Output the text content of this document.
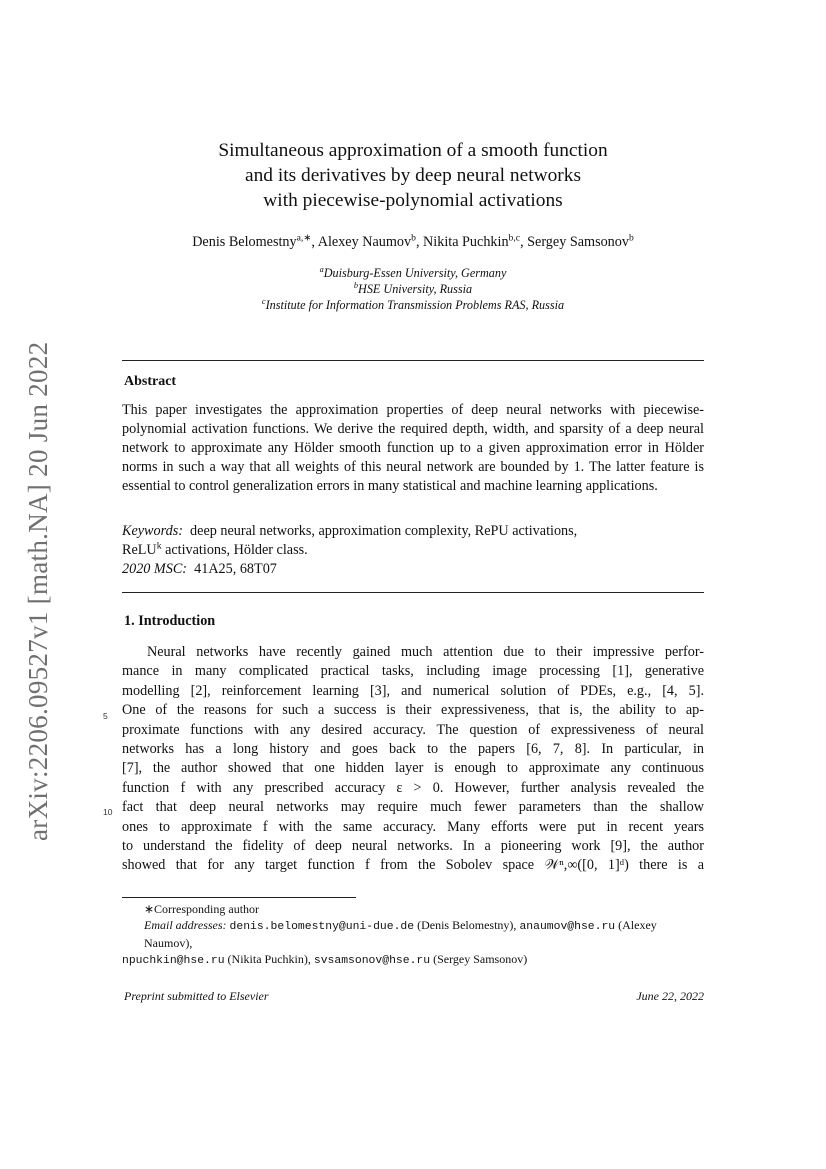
arXiv:2206.09527v1 [math.NA] 20 Jun 2022
Simultaneous approximation of a smooth function
and its derivatives by deep neural networks
with piecewise-polynomial activations
Denis Belomestny$^{a,∗}$, Alexey Naumov$^b$, Nikita Puchkin$^{b,c}$, Sergey Samsonov$^b$
$^a$Duisburg-Essen University, Germany
$^b$HSE University, Russia
$^c$Institute for Information Transmission Problems RAS, Russia
Abstract
This paper investigates the approximation properties of deep neural networks with piecewise-polynomial activation functions. We derive the required depth, width, and sparsity of a deep neural network to approximate any Hölder smooth function up to a given approximation error in Hölder norms in such a way that all weights of this neural network are bounded by 1. The latter feature is essential to control generalization errors in many statistical and machine learning applications.
Keywords: deep neural networks, approximation complexity, RePU activations,
ReLU$^k$ activations, Hölder class.
2020 MSC: 41A25, 68T07
1. Introduction
5
10
Neural networks have recently gained much attention due to their impressive perfor-
mance in many complicated practical tasks, including image processing [1], generative
modelling [2], reinforcement learning [3], and numerical solution of PDEs, e.g., [4, 5].
One of the reasons for such a success is their expressiveness, that is, the ability to ap-
proximate functions with any desired accuracy. The question of expressiveness of neural
networks has a long history and goes back to the papers [6, 7, 8]. In particular, in
[7], the author showed that one hidden layer is enough to approximate any continuous
function f with any prescribed accuracy ε > 0. However, further analysis revealed the
fact that deep neural networks may require much fewer parameters than the shallow
ones to approximate f with the same accuracy. Many efforts were put in recent years
to understand the fidelity of deep neural networks. In a pioneering work [9], the author
showed that for any target function f from the Sobolev space 𝒲ⁿ,∞([0, 1]ᵈ) there is a
∗Corresponding author
Email addresses: denis.belomestny@uni-due.de (Denis Belomestny), anaumov@hse.ru (Alexey Naumov),
npuchkin@hse.ru (Nikita Puchkin), svsamsonov@hse.ru (Sergey Samsonov)
Preprint submitted to Elsevier	June 22, 2022
